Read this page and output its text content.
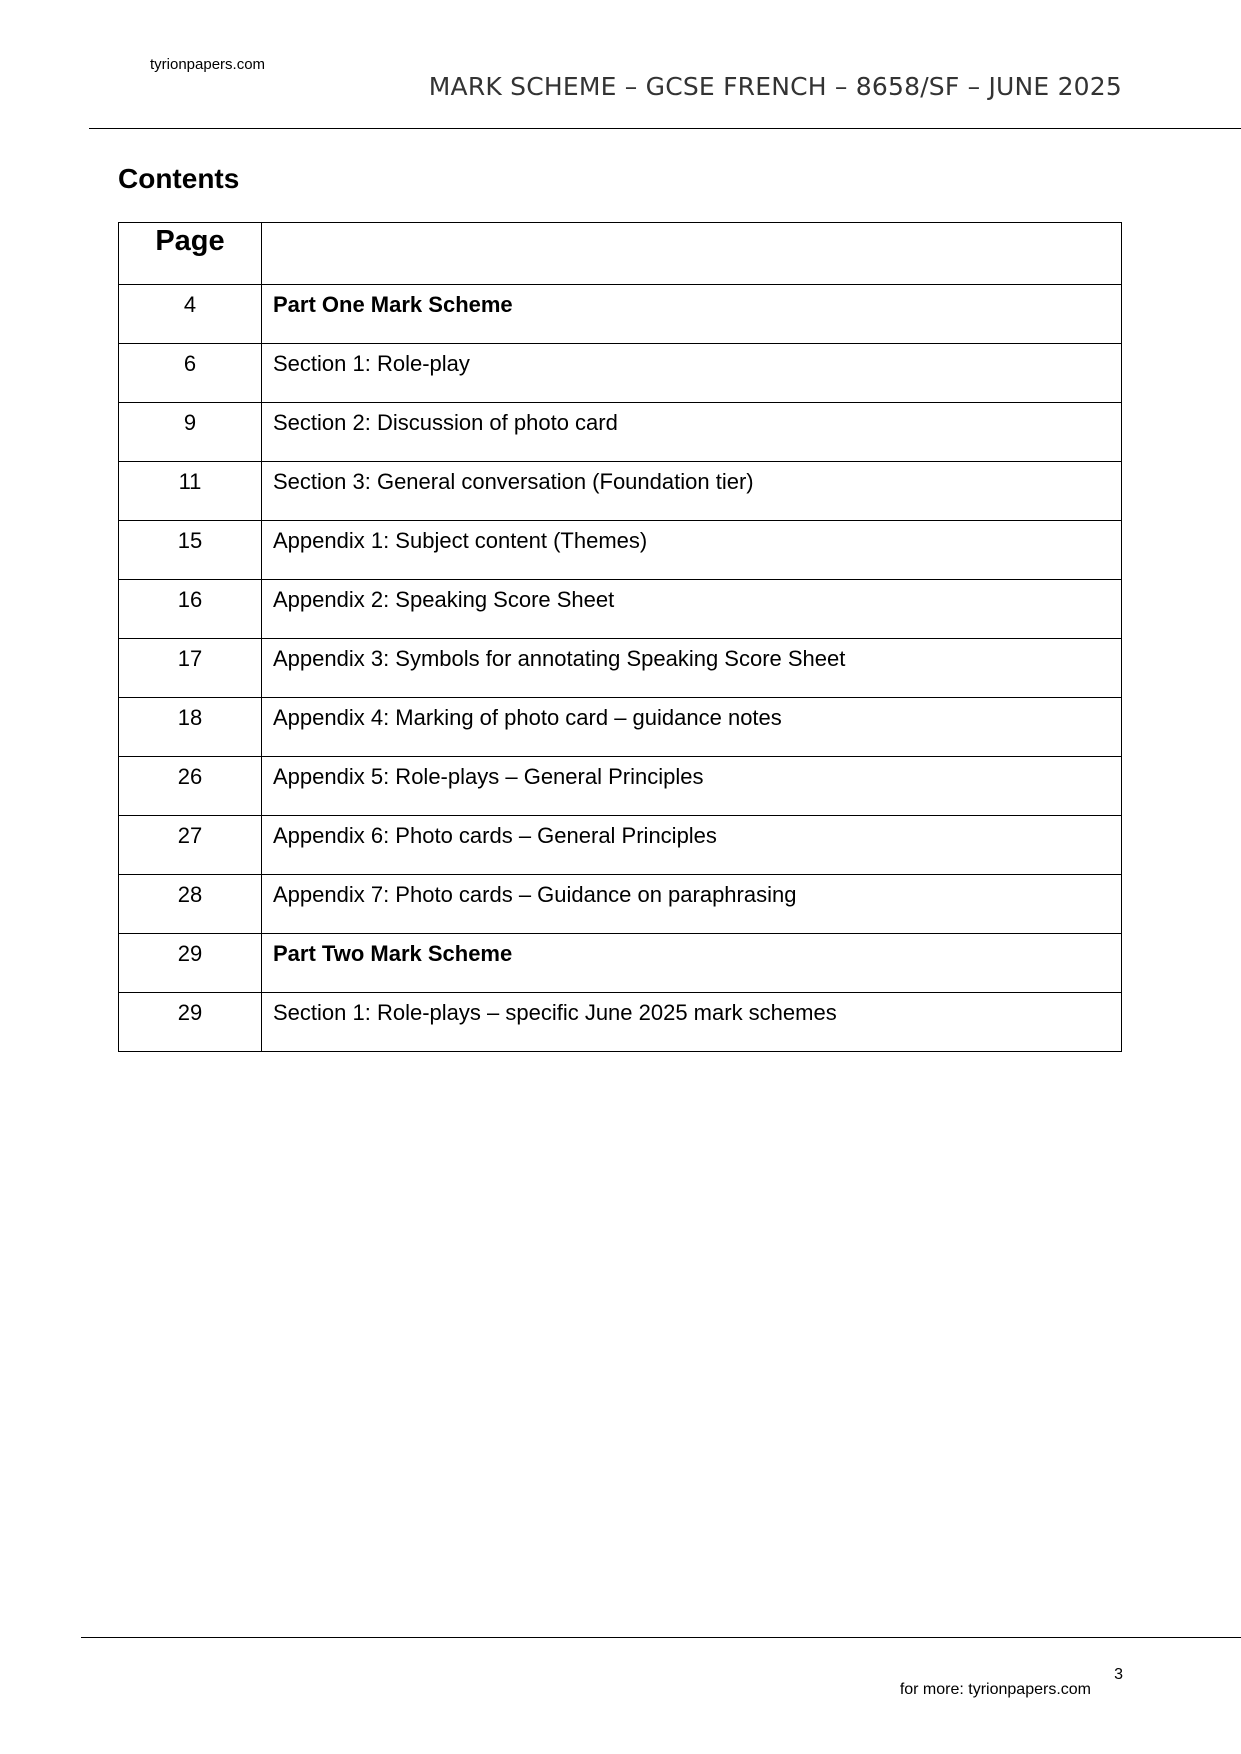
tyrionpapers.com
MARK SCHEME – GCSE FRENCH – 8658/SF – JUNE 2025
Contents
Page	
4	Part One Mark Scheme
6	Section 1: Role-play
9	Section 2: Discussion of photo card
11	Section 3: General conversation (Foundation tier)
15	Appendix 1: Subject content (Themes)
16	Appendix 2: Speaking Score Sheet
17	Appendix 3: Symbols for annotating Speaking Score Sheet
18	Appendix 4: Marking of photo card – guidance notes
26	Appendix 5: Role-plays – General Principles
27	Appendix 6: Photo cards – General Principles
28	Appendix 7: Photo cards – Guidance on paraphrasing
29	Part Two Mark Scheme
29	Section 1: Role-plays – specific June 2025 mark schemes
3
for more: tyrionpapers.com
